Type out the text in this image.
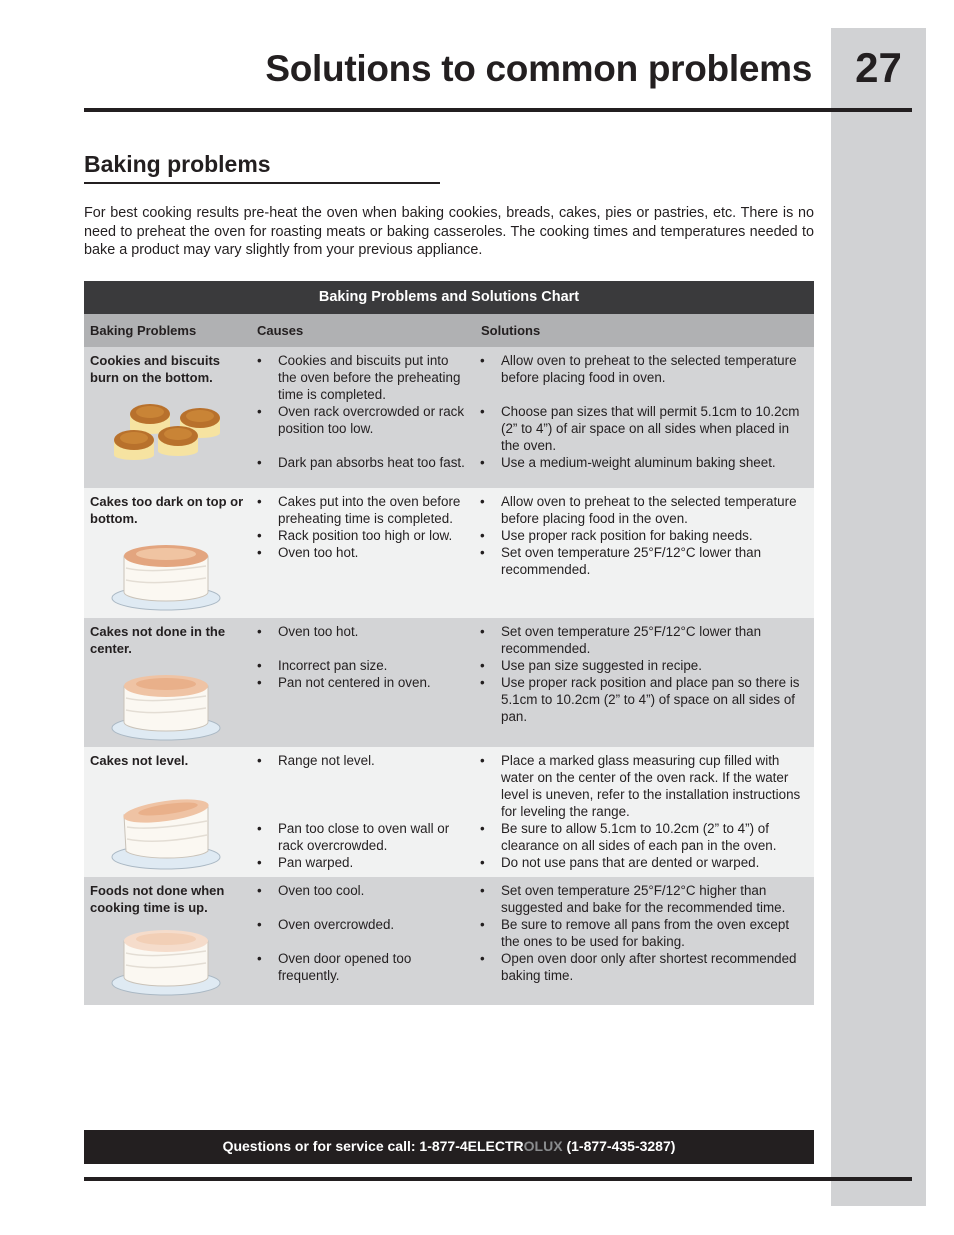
27
Solutions to common problems
Baking problems

For best cooking results pre-heat the oven when baking cookies, breads, cakes, pies or pastries, etc. There is no need to preheat the oven for roasting meats or baking casseroles. The cooking times and temperatures needed to bake a product may vary slightly from your previous appliance.

Baking Problems and Solutions Chart
Baking Problems	Causes	Solutions
Cookies and biscuits burn on the bottom.
• Cookies and biscuits put into the oven before the preheating time is completed.
• Oven rack overcrowded or rack position too low.
• Dark pan absorbs heat too fast.
• Allow oven to preheat to the selected temperature before placing food in oven.
• Choose pan sizes that will permit 5.1cm to 10.2cm (2” to 4”) of air space on all sides when placed in the oven.
• Use a medium-weight aluminum baking sheet.
Cakes too dark on top or bottom.
• Cakes put into the oven before preheating time is completed.
• Rack position too high or low.
• Oven too hot.
• Allow oven to preheat to the selected temperature before placing food in the oven.
• Use proper rack position for baking needs.
• Set oven temperature 25°F/12°C lower than recommended.
Cakes not done in the center.
• Oven too hot.
• Incorrect pan size.
• Pan not centered in oven.
• Set oven temperature 25°F/12°C lower than recommended.
• Use pan size suggested in recipe.
• Use proper rack position and place pan so there is 5.1cm to 10.2cm (2” to 4”) of space on all sides of pan.
Cakes not level.
•	Range not level.
• Pan too close to oven wall or rack overcrowded.
• Pan warped.
• Place a marked glass measuring cup filled with water on the center of the oven rack. If the water level is uneven, refer to the installation instructions for leveling the range.
• Be sure to allow 5.1cm to 10.2cm (2” to 4”) of clearance on all sides of each pan in the oven.
• Do not use pans that are dented or warped.
Foods not done when cooking time is up.
• Oven too cool.
• Oven overcrowded.
• Oven door opened too frequently.
• Set oven temperature 25°F/12°C higher than suggested and bake for the recommended time.
• Be sure to remove all pans from the oven except the ones to be used for baking.
• Open oven door only after shortest recommended baking time.
Questions or for service call: 1-877-4ELECTROLUX (1-877-435-3287)
